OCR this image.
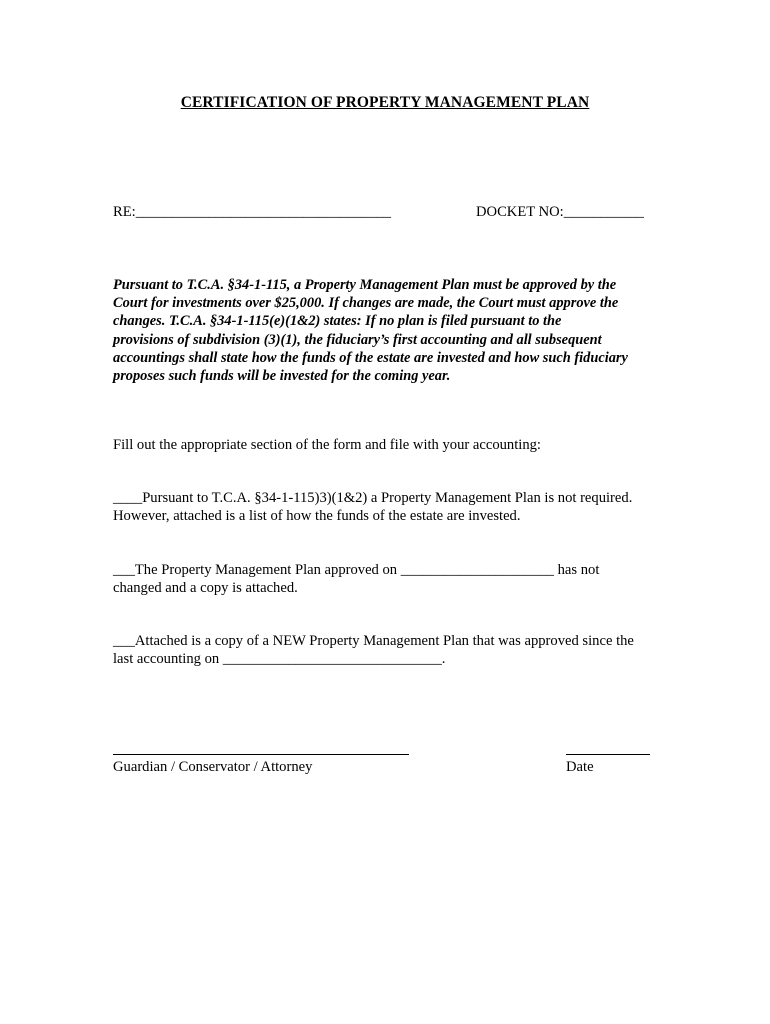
CERTIFICATION OF PROPERTY MANAGEMENT PLAN
RE:___________________________________	DOCKET NO:___________
Pursuant to T.C.A. §34-1-115, a Property Management Plan must be approved by the
Court for investments over $25,000. If changes are made, the Court must approve the
changes. T.C.A. §34-1-115(e)(1&2) states: If no plan is filed pursuant to the
provisions of subdivision (3)(1), the fiduciary’s first accounting and all subsequent
accountings shall state how the funds of the estate are invested and how such fiduciary
proposes such funds will be invested for the coming year.
Fill out the appropriate section of the form and file with your accounting:
____Pursuant to T.C.A. §34-1-115)3)(1&2) a Property Management Plan is not required.
However, attached is a list of how the funds of the estate are invested.
___The Property Management Plan approved on _____________________ has not
changed and a copy is attached.
___Attached is a copy of a NEW Property Management Plan that was approved since the
last accounting on ______________________________.
Guardian / Conservator / Attorney	Date
